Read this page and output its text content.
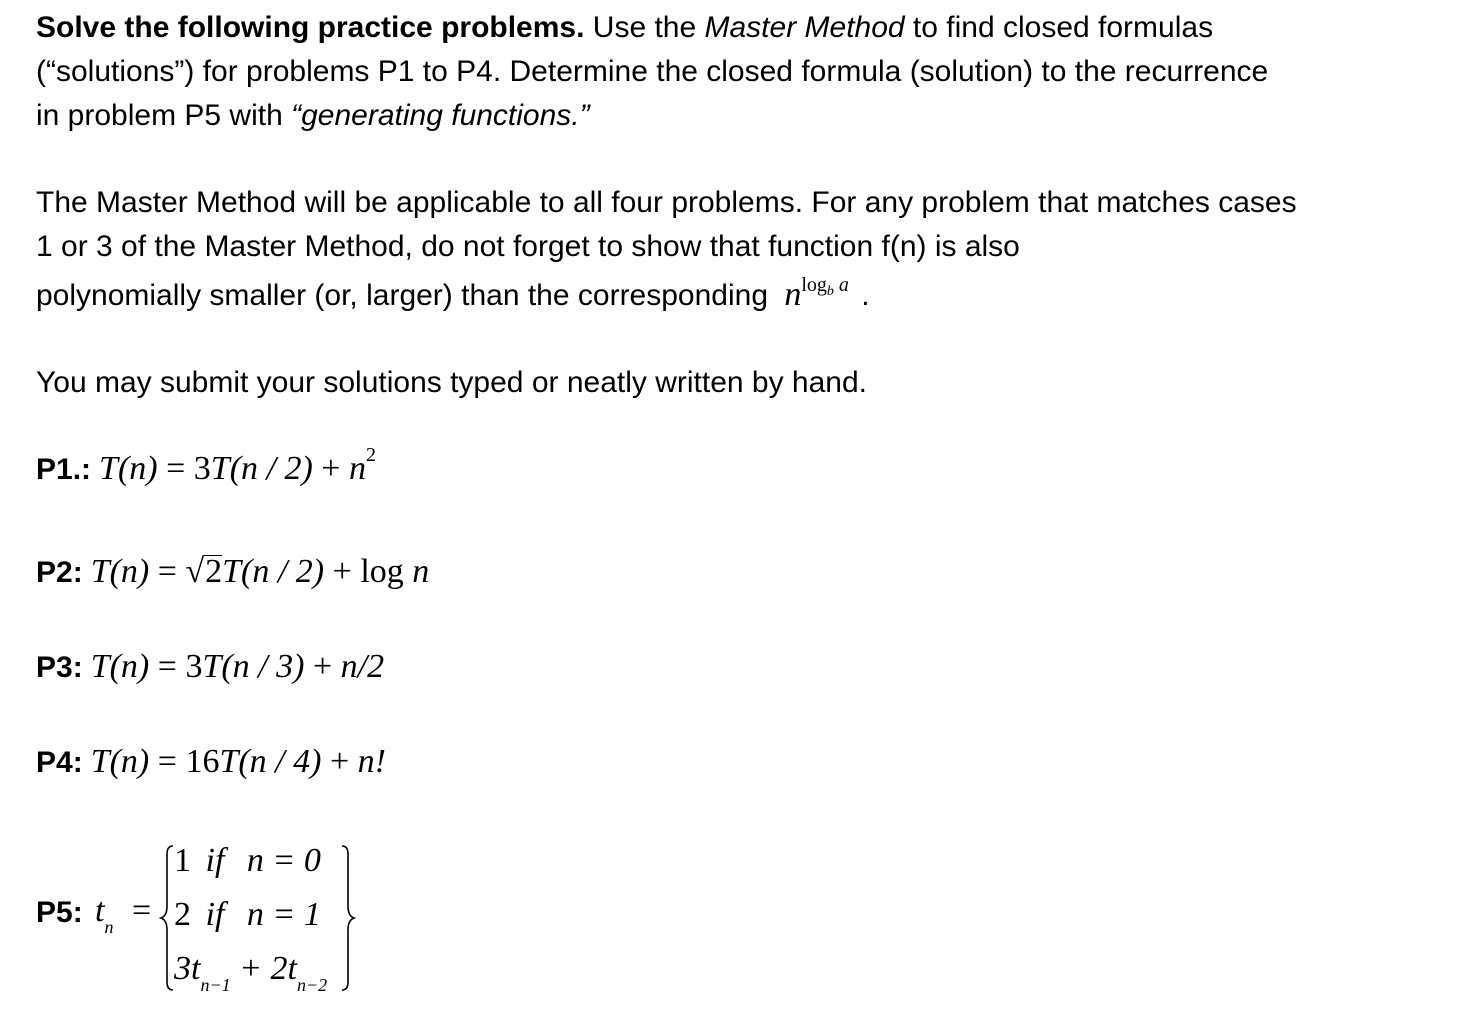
Solve the following practice problems. Use the Master Method to find closed formulas
(“solutions”) for problems P1 to P4. Determine the closed formula (solution) to the recurrence
in problem P5 with “generating functions.”
The Master Method will be applicable to all four problems. For any problem that matches cases
1 or 3 of the Master Method, do not forget to show that function f(n) is also
polynomially smaller (or, larger) than the corresponding $n^{log_b a}$ .
You may submit your solutions typed or neatly written by hand.
P1.: $T(n) = 3T(n / 2) + n^2$
P2: T(n) = √2T(n / 2) + log n
P3: T(n) = 3T(n / 3) + n/2
P4: T(n) = 16T(n / 4) + n!
P5: $t_n$ =
1 if n = 0
2 if n = 1
$3t_{n-1} + 2t_{n-2}$
